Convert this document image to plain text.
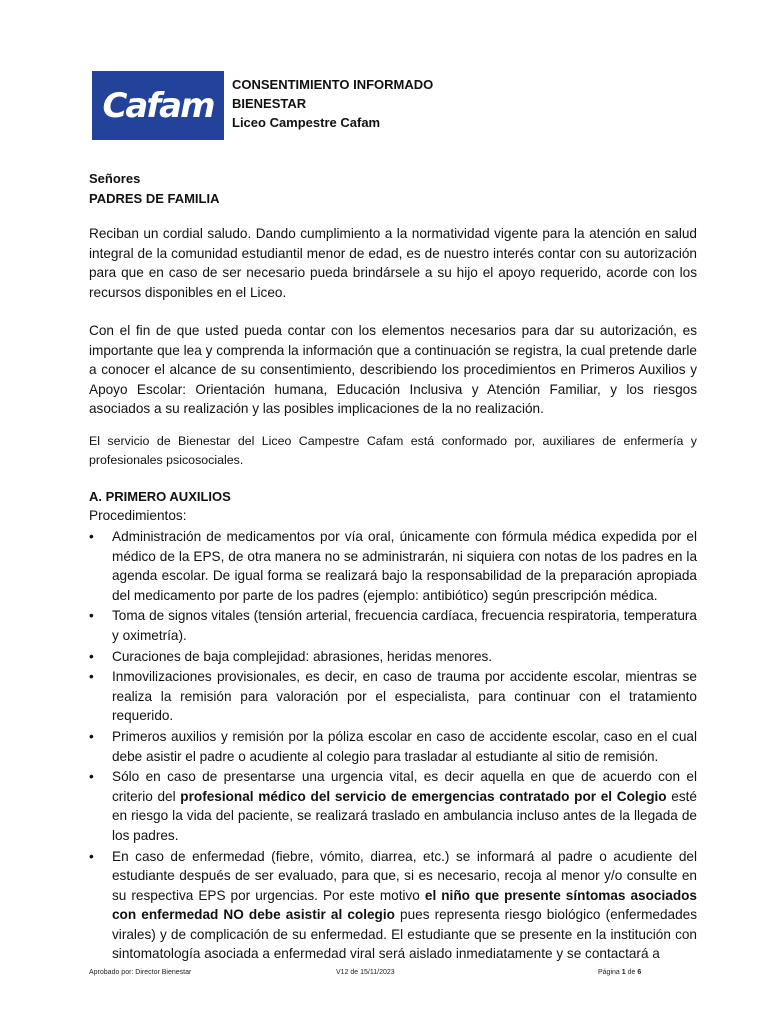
Cafam
CONSENTIMIENTO INFORMADO
BIENESTAR
Liceo Campestre Cafam
Señores
PADRES DE FAMILIA
Reciban un cordial saludo. Dando cumplimiento a la normatividad vigente para la atención en salud integral de la comunidad estudiantil menor de edad, es de nuestro interés contar con su autorización para que en caso de ser necesario pueda brindársele a su hijo el apoyo requerido, acorde con los recursos disponibles en el Liceo.
Con el fin de que usted pueda contar con los elementos necesarios para dar su autorización, es importante que lea y comprenda la información que a continuación se registra, la cual pretende darle a conocer el alcance de su consentimiento, describiendo los procedimientos en Primeros Auxilios y Apoyo Escolar: Orientación humana, Educación Inclusiva y Atención Familiar, y los riesgos asociados a su realización y las posibles implicaciones de la no realización.
El servicio de Bienestar del Liceo Campestre Cafam está conformado por, auxiliares de enfermería y profesionales psicosociales.
A. PRIMERO AUXILIOS
Procedimientos:
• Administración de medicamentos por vía oral, únicamente con fórmula médica expedida por el médico de la EPS, de otra manera no se administrarán, ni siquiera con notas de los padres en la agenda escolar. De igual forma se realizará bajo la responsabilidad de la preparación apropiada del medicamento por parte de los padres (ejemplo: antibiótico) según prescripción médica.
• Toma de signos vitales (tensión arterial, frecuencia cardíaca, frecuencia respiratoria, temperatura y oximetría).
• Curaciones de baja complejidad: abrasiones, heridas menores.
• Inmovilizaciones provisionales, es decir, en caso de trauma por accidente escolar, mientras se realiza la remisión para valoración por el especialista, para continuar con el tratamiento requerido.
• Primeros auxilios y remisión por la póliza escolar en caso de accidente escolar, caso en el cual debe asistir el padre o acudiente al colegio para trasladar al estudiante al sitio de remisión.
• Sólo en caso de presentarse una urgencia vital, es decir aquella en que de acuerdo con el criterio del profesional médico del servicio de emergencias contratado por el Colegio esté en riesgo la vida del paciente, se realizará traslado en ambulancia incluso antes de la llegada de los padres.
• En caso de enfermedad (fiebre, vómito, diarrea, etc.) se informará al padre o acudiente del estudiante después de ser evaluado, para que, si es necesario, recoja al menor y/o consulte en su respectiva EPS por urgencias. Por este motivo el niño que presente síntomas asociados con enfermedad NO debe asistir al colegio pues representa riesgo biológico (enfermedades virales) y de complicación de su enfermedad. El estudiante que se presente en la institución con sintomatología asociada a enfermedad viral será aislado inmediatamente y se contactará a
Aprobado por: Director Bienestar	V12 de 15/11/2023	Página 1 de 6
